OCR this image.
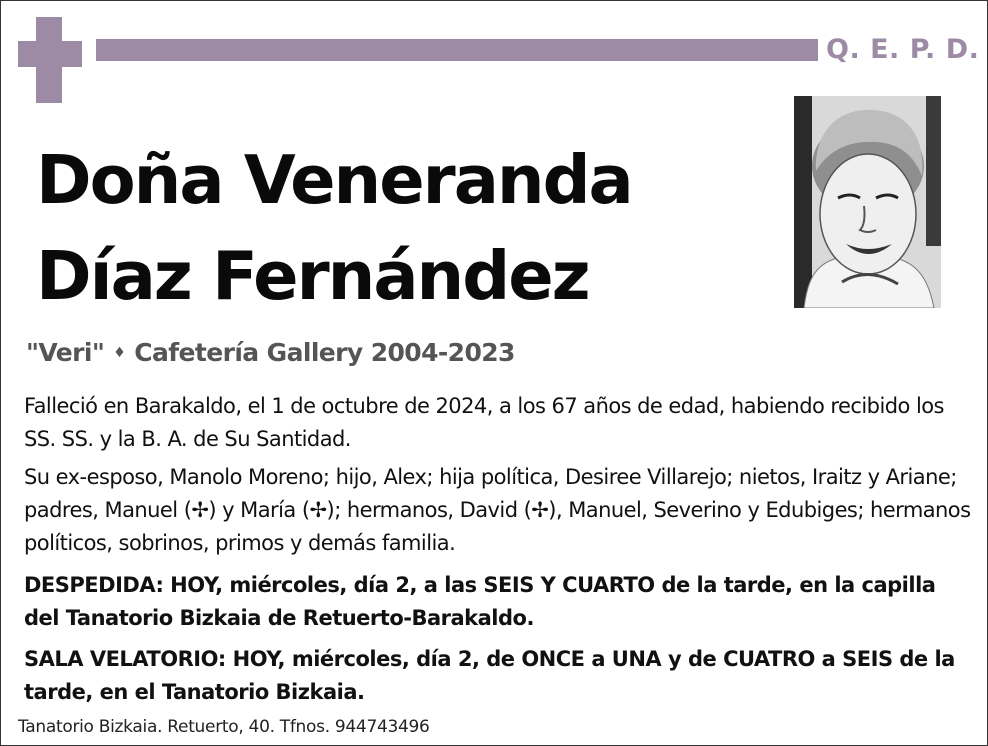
Q. E. P. D.
Doña Veneranda
Díaz Fernández
"Veri" ♦ Cafetería Gallery 2004-2023

Falleció en Barakaldo, el 1 de octubre de 2024, a los 67 años de edad, habiendo recibido los SS. SS. y la B. A. de Su Santidad.

Su ex-esposo, Manolo Moreno; hijo, Alex; hija política, Desiree Villarejo; nietos, Iraitz y Ariane; padres, Manuel (✢) y María (✢); hermanos, David (✢), Manuel, Severino y Edubiges; hermanos políticos, sobrinos, primos y demás familia.

DESPEDIDA: HOY, miércoles, día 2, a las SEIS Y CUARTO de la tarde, en la capilla del Tanatorio Bizkaia de Retuerto-Barakaldo.

SALA VELATORIO: HOY, miércoles, día 2, de ONCE a UNA y de CUATRO a SEIS de la tarde, en el Tanatorio Bizkaia.

Tanatorio Bizkaia. Retuerto, 40. Tfnos. 944743496
